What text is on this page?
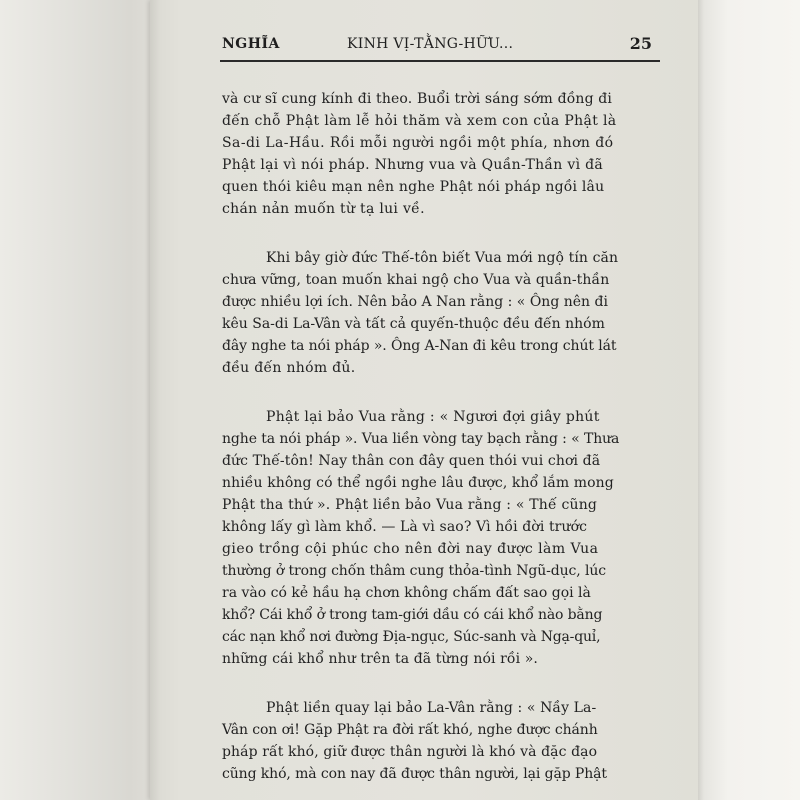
NGHĨA	KINH VỊ-TẰNG-HỮU...	25
và cư sĩ cung kính đi theo. Buổi trời sáng sớm đồng đi
đến chỗ Phật làm lễ hỏi thăm và xem con của Phật là
Sa-di La-Hầu. Rồi mỗi người ngồi một phía, nhơn đó
Phật lại vì nói pháp. Nhưng vua và Quần-Thần vì đã
quen thói kiêu mạn nên nghe Phật nói pháp ngồi lâu
chán nản muốn từ tạ lui về.
Khi bây giờ đức Thế-tôn biết Vua mới ngộ tín căn
chưa vững, toan muốn khai ngộ cho Vua và quần-thần
được nhiều lợi ích. Nên bảo A Nan rằng : « Ông nên đi
kêu Sa-di La-Vân và tất cả quyến-thuộc đều đến nhóm
đây nghe ta nói pháp ». Ông A-Nan đi kêu trong chút lát
đều đến nhóm đủ.
Phật lại bảo Vua rằng : « Ngươi đợi giây phút
nghe ta nói pháp ». Vua liền vòng tay bạch rằng : « Thưa
đức Thế-tôn! Nay thân con đây quen thói vui chơi đã
nhiều không có thể ngồi nghe lâu được, khổ lắm mong
Phật tha thứ ». Phật liền bảo Vua rằng : « Thế cũng
không lấy gì làm khổ. — Là vì sao? Vì hồi đời trước
gieo trồng cội phúc cho nên đời nay được làm Vua
thường ở trong chốn thâm cung thỏa-tình Ngũ-dục, lúc
ra vào có kẻ hầu hạ chơn không chấm đất sao gọi là
khổ? Cái khổ ở trong tam-giới dầu có cái khổ nào bằng
các nạn khổ nơi đường Địa-ngục, Súc-sanh và Ngạ-quỉ,
những cái khổ như trên ta đã từng nói rồi ».
Phật liền quay lại bảo La-Vân rằng : « Nầy La-
Vân con ơi! Gặp Phật ra đời rất khó, nghe được chánh
pháp rất khó, giữ được thân người là khó và đặc đạo
cũng khó, mà con nay đã được thân người, lại gặp Phật
